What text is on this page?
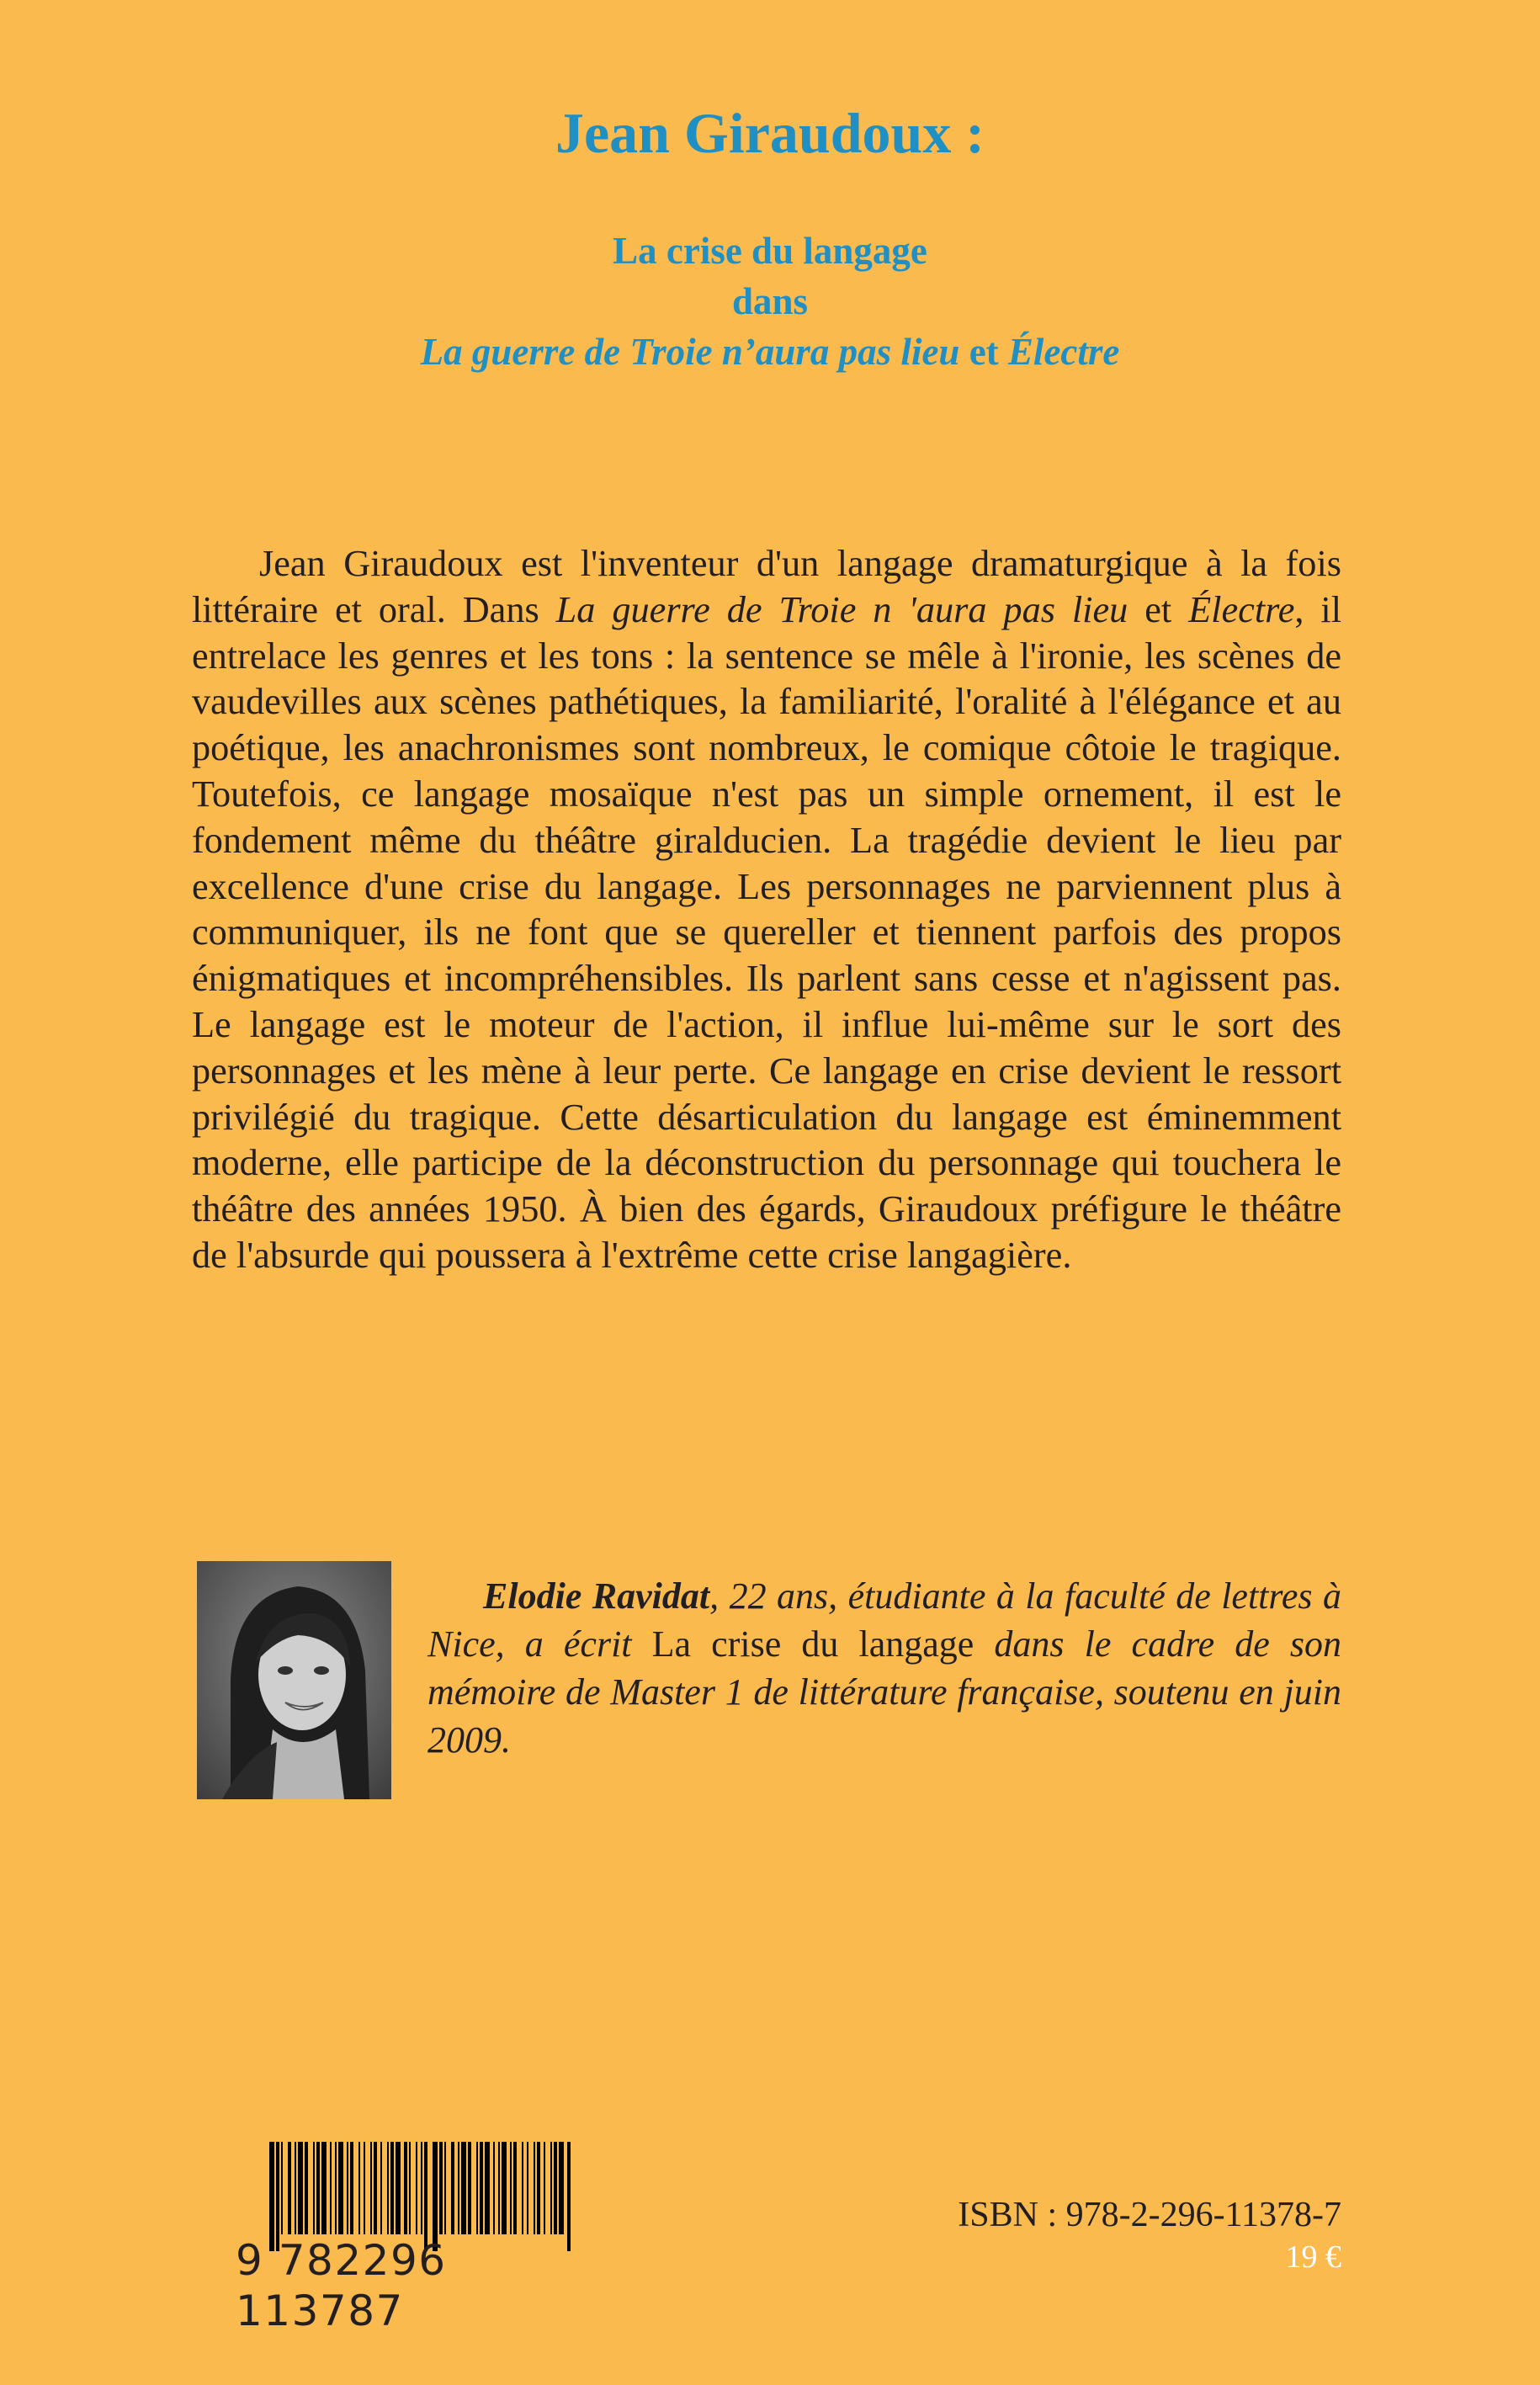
Jean Giraudoux :
La crise du langage
dans
La guerre de Troie n’aura pas lieu et Électre

Jean Giraudoux est l'inventeur d'un langage dramaturgique à la fois littéraire et oral. Dans La guerre de Troie n 'aura pas lieu et Électre, il entrelace les genres et les tons : la sentence se mêle à l'ironie, les scènes de vaudevilles aux scènes pathétiques, la familiarité, l'oralité à l'élégance et au poétique, les anachronismes sont nombreux, le comique côtoie le tragique. Toutefois, ce langage mosaïque n'est pas un simple ornement, il est le fondement même du théâtre giralducien. La tragédie devient le lieu par excellence d'une crise du langage. Les personnages ne parviennent plus à communiquer, ils ne font que se quereller et tiennent parfois des propos énigmatiques et incompréhensibles. Ils parlent sans cesse et n'agissent pas. Le langage est le moteur de l'action, il influe lui-même sur le sort des personnages et les mène à leur perte. Ce langage en crise devient le ressort privilégié du tragique. Cette désarticulation du langage est éminemment moderne, elle participe de la déconstruction du personnage qui touchera le théâtre des années 1950. À bien des égards, Giraudoux préfigure le théâtre de l'absurde qui poussera à l'extrême cette crise langagière.

Elodie Ravidat, 22 ans, étudiante à la faculté de lettres à Nice, a écrit La crise du langage dans le cadre de son mémoire de Master 1 de littérature française, soutenu en juin 2009.

9 782296 113787
ISBN : 978-2-296-11378-7
19 €
